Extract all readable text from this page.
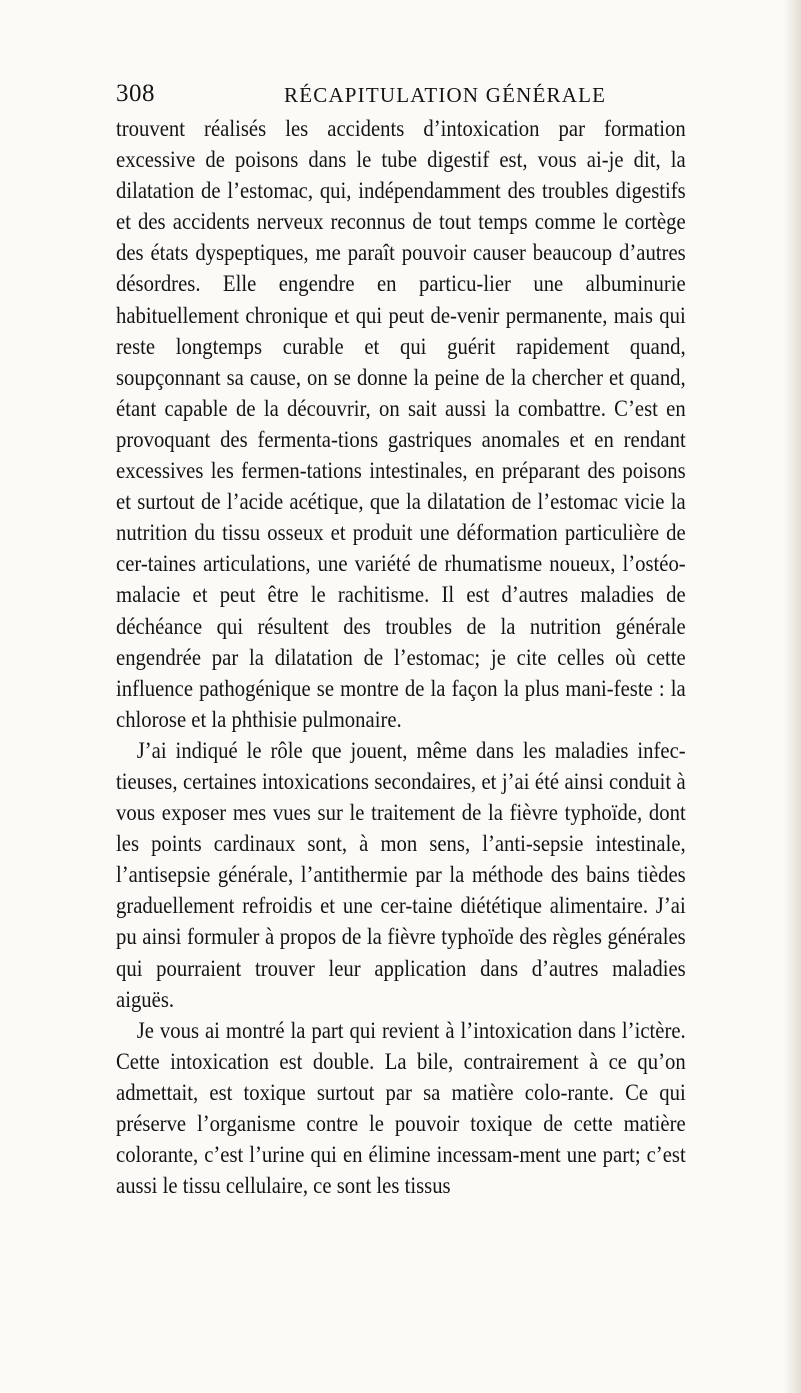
308	RÉCAPITULATION GÉNÉRALE

trouvent réalisés les accidents d’intoxication par formation excessive de poisons dans le tube digestif est, vous ai-je dit, la dilatation de l’estomac, qui, indépendamment des troubles digestifs et des accidents nerveux reconnus de tout temps comme le cortège des états dyspeptiques, me paraît pouvoir causer beaucoup d’autres désordres. Elle engendre en particu-lier une albuminurie habituellement chronique et qui peut de-venir permanente, mais qui reste longtemps curable et qui guérit rapidement quand, soupçonnant sa cause, on se donne la peine de la chercher et quand, étant capable de la découvrir, on sait aussi la combattre. C’est en provoquant des fermenta-tions gastriques anomales et en rendant excessives les fermen-tations intestinales, en préparant des poisons et surtout de l’acide acétique, que la dilatation de l’estomac vicie la nutrition du tissu osseux et produit une déformation particulière de cer-taines articulations, une variété de rhumatisme noueux, l’ostéo-malacie et peut être le rachitisme. Il est d’autres maladies de déchéance qui résultent des troubles de la nutrition générale engendrée par la dilatation de l’estomac; je cite celles où cette influence pathogénique se montre de la façon la plus mani-feste : la chlorose et la phthisie pulmonaire.

J’ai indiqué le rôle que jouent, même dans les maladies infec-tieuses, certaines intoxications secondaires, et j’ai été ainsi conduit à vous exposer mes vues sur le traitement de la fièvre typhoïde, dont les points cardinaux sont, à mon sens, l’anti-sepsie intestinale, l’antisepsie générale, l’antithermie par la méthode des bains tièdes graduellement refroidis et une cer-taine diététique alimentaire. J’ai pu ainsi formuler à propos de la fièvre typhoïde des règles générales qui pourraient trouver leur application dans d’autres maladies aiguës.

Je vous ai montré la part qui revient à l’intoxication dans l’ictère. Cette intoxication est double. La bile, contrairement à ce qu’on admettait, est toxique surtout par sa matière colo-rante. Ce qui préserve l’organisme contre le pouvoir toxique de cette matière colorante, c’est l’urine qui en élimine incessam-ment une part; c’est aussi le tissu cellulaire, ce sont les tissus
